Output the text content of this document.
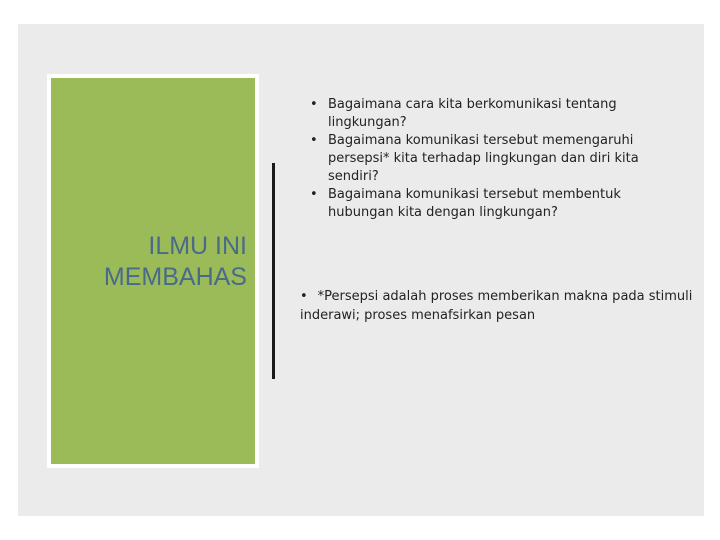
ILMU INI
MEMBAHAS
• Bagaimana cara kita berkomunikasi tentang lingkungan?
• Bagaimana komunikasi tersebut memengaruhi persepsi* kita terhadap lingkungan dan diri kita sendiri?
• Bagaimana komunikasi tersebut membentuk hubungan kita dengan lingkungan?
• *Persepsi adalah proses memberikan makna pada stimuli inderawi; proses menafsirkan pesan
